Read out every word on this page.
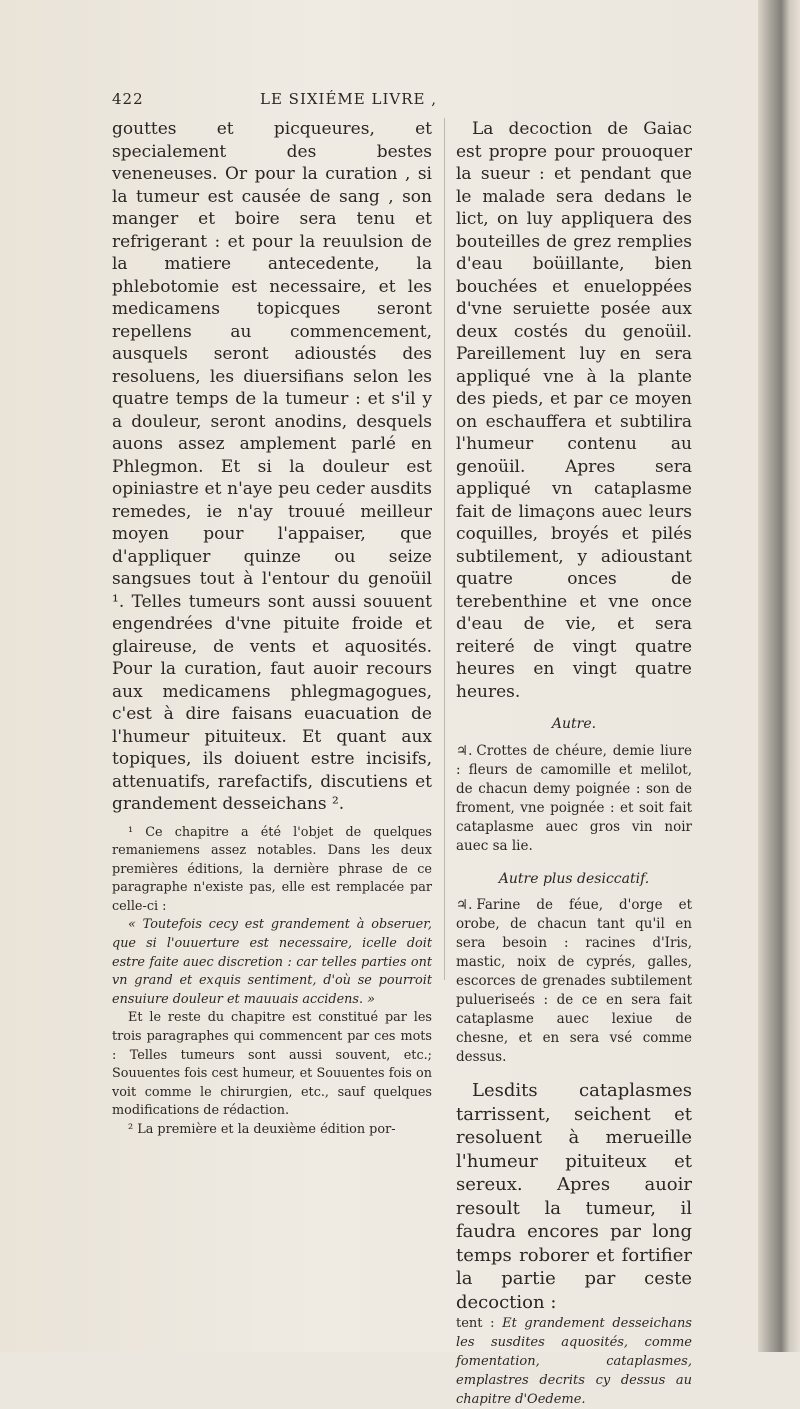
422	LE SIXIÉME LIVRE ,

gouttes et picqueures, et specialement des bestes veneneuses. Or pour la curation , si la tumeur est causée de sang , son manger et boire sera tenu et refrigerant : et pour la reuulsion de la matiere antecedente, la phlebotomie est necessaire, et les medicamens topicques seront repellens au commencement, ausquels seront adioustés des resoluens, les diuersifians selon les quatre temps de la tumeur : et s'il y a douleur, seront anodins, desquels auons assez amplement parlé en Phlegmon. Et si la douleur est opiniastre et n'aye peu ceder ausdits remedes, ie n'ay trouué meilleur moyen pour l'appaiser, que d'appliquer quinze ou seize sangsues tout à l'entour du genoüil ¹. Telles tumeurs sont aussi souuent engendrées d'vne pituite froide et glaireuse, de vents et aquosités. Pour la curation, faut auoir recours aux medicamens phlegmagogues, c'est à dire faisans euacuation de l'humeur pituiteux. Et quant aux topiques, ils doiuent estre incisifs, attenuatifs, rarefactifs, discutiens et grandement desseichans ².

¹ Ce chapitre a été l'objet de quelques remaniemens assez notables. Dans les deux premières éditions, la dernière phrase de ce paragraphe n'existe pas, elle est remplacée par celle-ci :

« Toutefois cecy est grandement à obseruer, que si l'ouuerture est necessaire, icelle doit estre faite auec discretion : car telles parties ont vn grand et exquis sentiment, d'où se pourroit ensuiure douleur et mauuais accidens. »

Et le reste du chapitre est constitué par les trois paragraphes qui commencent par ces mots : Telles tumeurs sont aussi souvent, etc.; Souuentes fois cest humeur, et Souuentes fois on voit comme le chirurgien, etc., sauf quelques modifications de rédaction.

² La première et la deuxième édition por-

La decoction de Gaiac est propre pour prouoquer la sueur : et pendant que le malade sera dedans le lict, on luy appliquera des bouteilles de grez remplies d'eau boüillante, bien bouchées et enueloppées d'vne seruiette posée aux deux costés du genoüil. Pareillement luy en sera appliqué vne à la plante des pieds, et par ce moyen on eschauffera et subtilira l'humeur contenu au genoüil. Apres sera appliqué vn cataplasme fait de limaçons auec leurs coquilles, broyés et pilés subtilement, y adioustant quatre onces de terebenthine et vne once d'eau de vie, et sera reiteré de vingt quatre heures en vingt quatre heures.

Autre.

♃. Crottes de chéure, demie liure : fleurs de camomille et melilot, de chacun demy poignée : son de froment, vne poignée : et soit fait cataplasme auec gros vin noir auec sa lie.

Autre plus desiccatif.

♃. Farine de féue, d'orge et orobe, de chacun tant qu'il en sera besoin : racines d'Iris, mastic, noix de cyprés, galles, escorces de grenades subtilement pulueriseés : de ce en sera fait cataplasme auec lexiue de chesne, et en sera vsé comme dessus.

Lesdits cataplasmes tarrissent, seichent et resoluent à merueille l'humeur pituiteux et sereux. Apres auoir resoult la tumeur, il faudra encores par long temps roborer et fortifier la partie par ceste decoction :

tent : Et grandement desseichans les susdites aquosités, comme fomentation, cataplasmes, emplastres decrits cy dessus au chapitre d'Oedeme.
